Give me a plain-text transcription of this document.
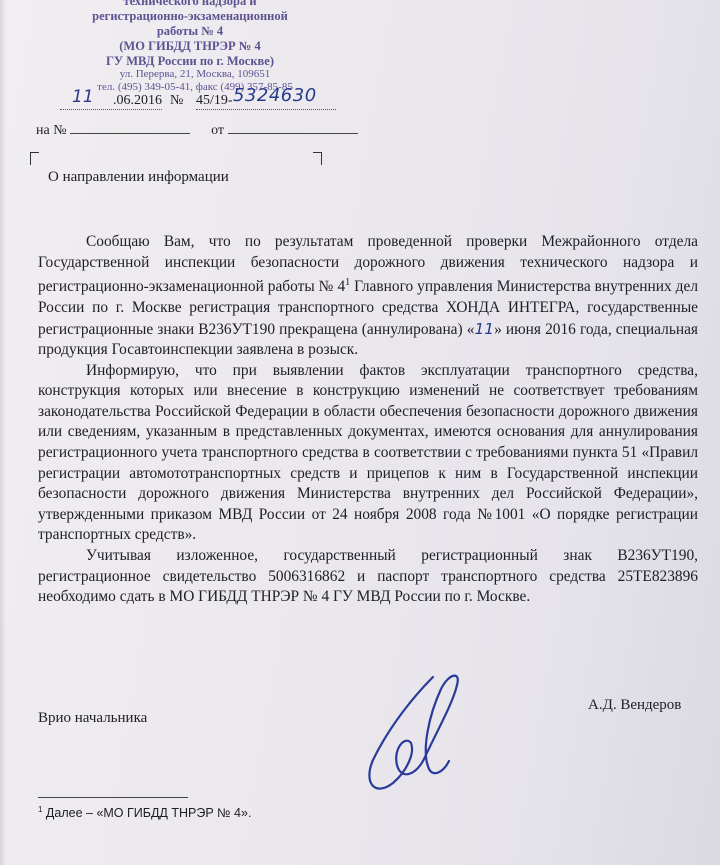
технического надзора и
регистрационно-экзаменационной
работы № 4
(МО ГИБДД ТНРЭР № 4
ГУ МВД России по г. Москве)
ул. Перерва, 21, Москва, 109651
тел. (495) 349-05-41, факс (499) 357-85-85
.06.2016
11	№ 45/19- 5324630
на №	от
О направлении информации

Сообщаю Вам, что по результатам проведенной проверки Межрайонного отдела Государственной инспекции безопасности дорожного движения технического надзора и регистрационно-экзаменационной работы № $4^1$ Главного управления Министерства внутренних дел России по г. Москве регистрация транспортного средства ХОНДА ИНТЕГРА, государственные регистрационные знаки В236УТ190 прекращена (аннулирована) «11» июня 2016 года, специальная продукция Госавтоинспекции заявлена в розыск.

Информирую, что при выявлении фактов эксплуатации транспортного средства, конструкция которых или внесение в конструкцию изменений не соответствует требованиям законодательства Российской Федерации в области обеспечения безопасности дорожного движения или сведениям, указанным в представленных документах, имеются основания для аннулирования регистрационного учета транспортного средства в соответствии с требованиями пункта 51 «Правил регистрации автомототранспортных средств и прицепов к ним в Государственной инспекции безопасности дорожного движения Министерства внутренних дел Российской Федерации», утвержденными приказом МВД России от 24 ноября 2008 года №1001 «О порядке регистрации транспортных средств».

Учитывая изложенное, государственный регистрационный знак В236УТ190, регистрационное свидетельство 5006316862 и паспорт транспортного средства 25ТЕ823896 необходимо сдать в МО ГИБДД ТНРЭР № 4 ГУ МВД России по г. Москве.

Врио начальника
А.Д. Вендеров
$^1$ Далее – «МО ГИБДД ТНРЭР № 4».
